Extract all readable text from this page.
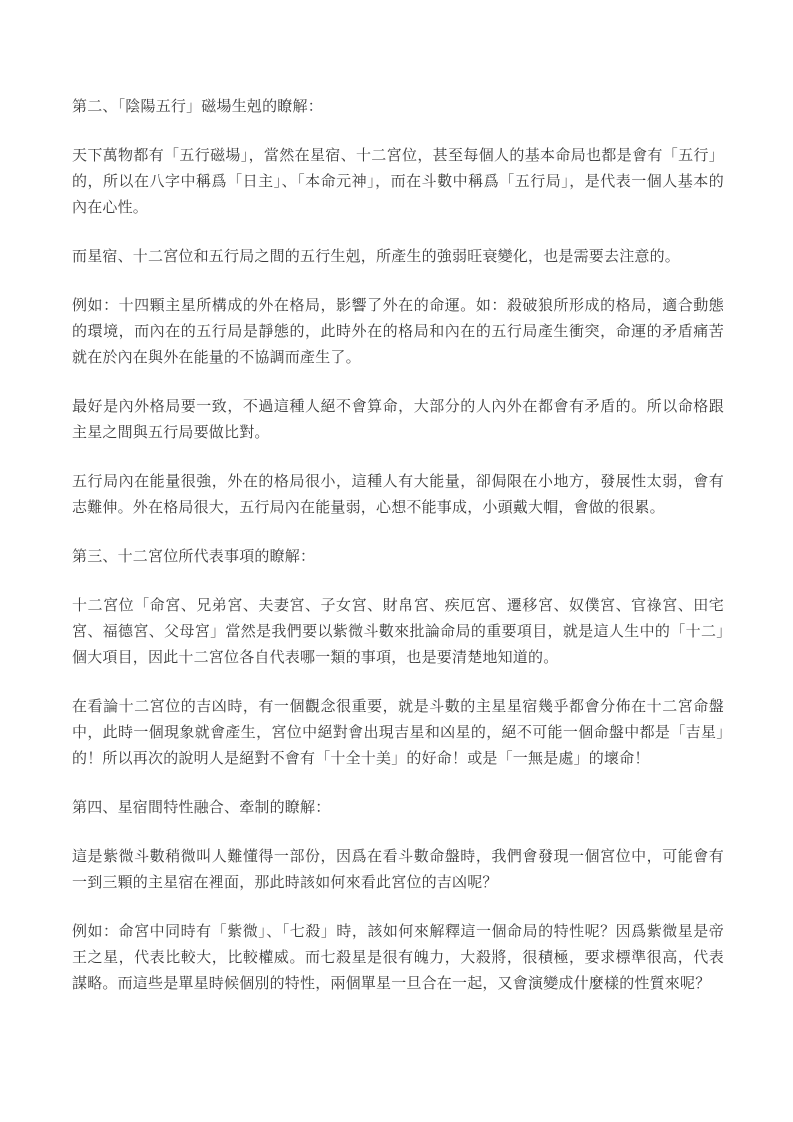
第二、「陰陽五行」磁場生剋的瞭解：

天下萬物都有「五行磁場」，當然在星宿、十二宮位，甚至每個人的基本命局也都是會有「五行」的，所以在八字中稱爲「日主」、「本命元神」，而在斗數中稱爲「五行局」，是代表一個人基本的內在心性。

而星宿、十二宮位和五行局之間的五行生剋，所產生的強弱旺衰變化，也是需要去注意的。

例如：十四顆主星所構成的外在格局，影響了外在的命運。如：殺破狼所形成的格局，適合動態的環境，而內在的五行局是靜態的，此時外在的格局和內在的五行局產生衝突，命運的矛盾痛苦就在於內在與外在能量的不協調而產生了。

最好是內外格局要一致，不過這種人絕不會算命，大部分的人內外在都會有矛盾的。所以命格跟主星之間與五行局要做比對。

五行局內在能量很強，外在的格局很小，這種人有大能量，卻侷限在小地方，發展性太弱，會有志難伸。外在格局很大，五行局內在能量弱，心想不能事成，小頭戴大帽，會做的很累。

第三、十二宮位所代表事項的瞭解：

十二宮位「命宮、兄弟宮、夫妻宮、子女宮、財帛宮、疾厄宮、遷移宮、奴僕宮、官祿宮、田宅宮、福德宮、父母宮」當然是我們要以紫微斗數來批論命局的重要項目，就是這人生中的「十二」個大項目，因此十二宮位各自代表哪一類的事項，也是要清楚地知道的。

在看論十二宮位的吉凶時，有一個觀念很重要，就是斗數的主星星宿幾乎都會分佈在十二宮命盤中，此時一個現象就會產生，宮位中絕對會出現吉星和凶星的，絕不可能一個命盤中都是「吉星」的！所以再次的說明人是絕對不會有「十全十美」的好命！或是「一無是處」的壞命！

第四、星宿間特性融合、牽制的瞭解：

這是紫微斗數稍微叫人難懂得一部份，因爲在看斗數命盤時，我們會發現一個宮位中，可能會有一到三顆的主星宿在裡面，那此時該如何來看此宮位的吉凶呢？

例如：命宮中同時有「紫微」、「七殺」時，該如何來解釋這一個命局的特性呢？因爲紫微星是帝王之星，代表比較大，比較權威。而七殺星是很有魄力，大殺將，很積極，要求標準很高，代表謀略。而這些是單星時候個別的特性，兩個單星一旦合在一起，又會演變成什麼樣的性質來呢？
